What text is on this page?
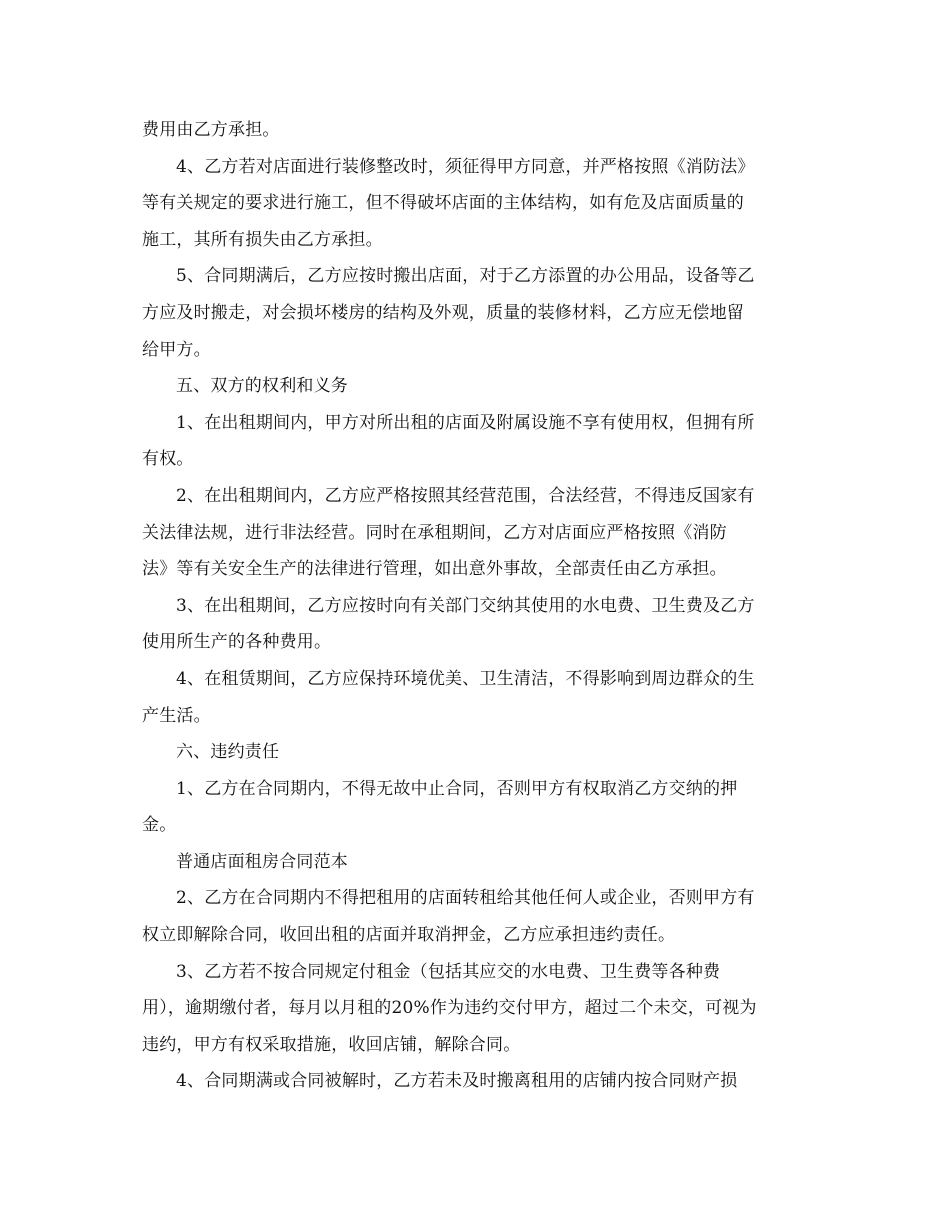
费用由乙方承担。
4、乙方若对店面进行装修整改时，须征得甲方同意，并严格按照《消防法》
等有关规定的要求进行施工，但不得破坏店面的主体结构，如有危及店面质量的
施工，其所有损失由乙方承担。
5、合同期满后，乙方应按时搬出店面，对于乙方添置的办公用品，设备等乙
方应及时搬走，对会损坏楼房的结构及外观，质量的装修材料，乙方应无偿地留
给甲方。
五、双方的权利和义务
1、在出租期间内，甲方对所出租的店面及附属设施不享有使用权，但拥有所
有权。
2、在出租期间内，乙方应严格按照其经营范围，合法经营，不得违反国家有
关法律法规，进行非法经营。同时在承租期间，乙方对店面应严格按照《消防
法》等有关安全生产的法律进行管理，如出意外事故，全部责任由乙方承担。
3、在出租期间，乙方应按时向有关部门交纳其使用的水电费、卫生费及乙方
使用所生产的各种费用。
4、在租赁期间，乙方应保持环境优美、卫生清洁，不得影响到周边群众的生
产生活。
六、违约责任
1、乙方在合同期内，不得无故中止合同，否则甲方有权取消乙方交纳的押
金。
普通店面租房合同范本
2、乙方在合同期内不得把租用的店面转租给其他任何人或企业，否则甲方有
权立即解除合同，收回出租的店面并取消押金，乙方应承担违约责任。
3、乙方若不按合同规定付租金（包括其应交的水电费、卫生费等各种费
用），逾期缴付者，每月以月租的20%作为违约交付甲方，超过二个未交，可视为
违约，甲方有权采取措施，收回店铺，解除合同。
4、合同期满或合同被解时，乙方若未及时搬离租用的店铺内按合同财产损
